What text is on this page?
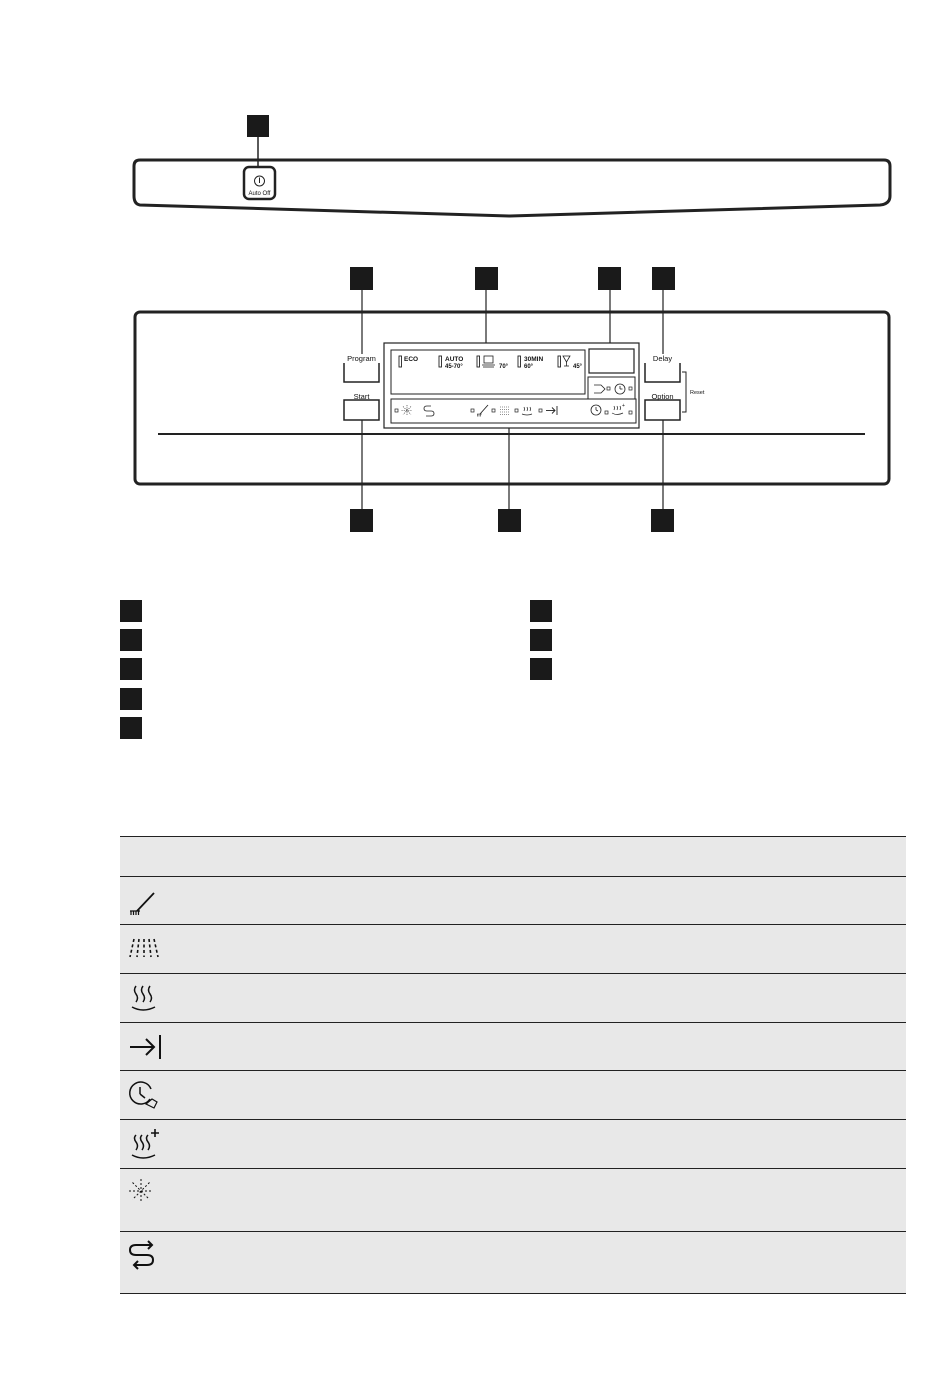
Auto Off
Program
Start
Delay
Option	Reset
ECO	AUTO
45-70°	70°
30MIN
60°	45°
+
